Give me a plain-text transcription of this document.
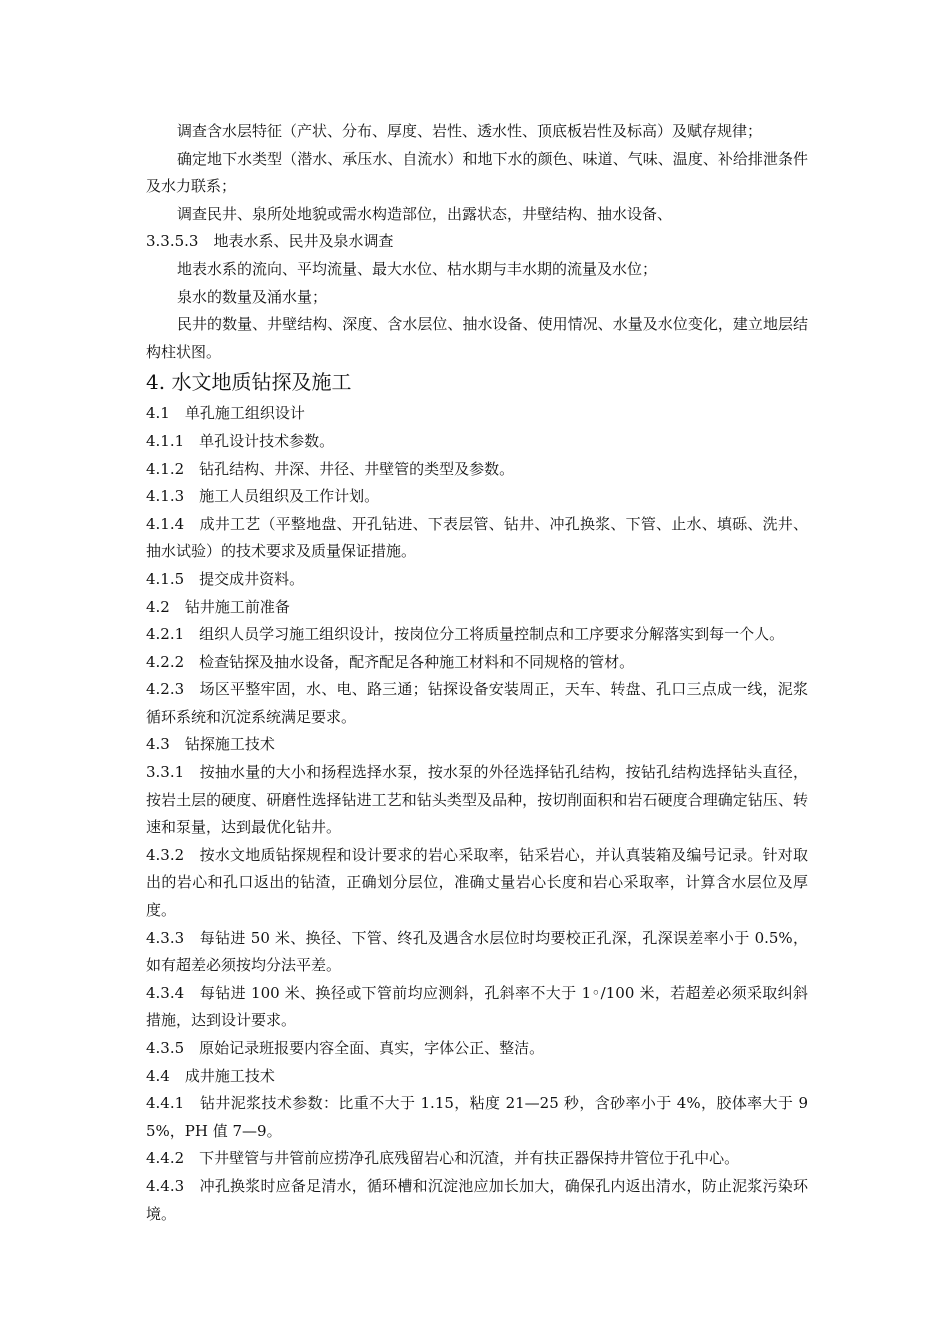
调查含水层特征（产状、分布、厚度、岩性、透水性、顶底板岩性及标高）及赋存规律；

确定地下水类型（潜水、承压水、自流水）和地下水的颜色、味道、气味、温度、补给排泄条件及水力联系；

调查民井、泉所处地貌或需水构造部位，出露状态，井壁结构、抽水设备、

3.3.5.3　地表水系、民井及泉水调查

地表水系的流向、平均流量、最大水位、枯水期与丰水期的流量及水位；

泉水的数量及涌水量；

民井的数量、井壁结构、深度、含水层位、抽水设备、使用情况、水量及水位变化，建立地层结构柱状图。

4. 水文地质钻探及施工

4.1　单孔施工组织设计

4.1.1　单孔设计技术参数。

4.1.2　钻孔结构、井深、井径、井壁管的类型及参数。

4.1.3　施工人员组织及工作计划。

4.1.4　成井工艺（平整地盘、开孔钻进、下表层管、钻井、冲孔换浆、下管、止水、填砾、洗井、抽水试验）的技术要求及质量保证措施。

4.1.5　提交成井资料。

4.2　钻井施工前准备

4.2.1　组织人员学习施工组织设计，按岗位分工将质量控制点和工序要求分解落实到每一个人。

4.2.2　检查钻探及抽水设备，配齐配足各种施工材料和不同规格的管材。

4.2.3　场区平整牢固，水、电、路三通；钻探设备安装周正，天车、转盘、孔口三点成一线，泥浆循环系统和沉淀系统满足要求。

4.3　钻探施工技术

3.3.1　按抽水量的大小和扬程选择水泵，按水泵的外径选择钻孔结构，按钻孔结构选择钻头直径，按岩土层的硬度、研磨性选择钻进工艺和钻头类型及品种，按切削面积和岩石硬度合理确定钻压、转速和泵量，达到最优化钻井。

4.3.2　按水文地质钻探规程和设计要求的岩心采取率，钻采岩心，并认真装箱及编号记录。针对取出的岩心和孔口返出的钻渣，正确划分层位，准确丈量岩心长度和岩心采取率，计算含水层位及厚度。

4.3.3　每钻进 50 米、换径、下管、终孔及遇含水层位时均要校正孔深，孔深误差率小于 0.5%，如有超差必须按均分法平差。

4.3.4　每钻进 100 米、换径或下管前均应测斜，孔斜率不大于 1◦/100 米，若超差必须采取纠斜措施，达到设计要求。

4.3.5　原始记录班报要内容全面、真实，字体公正、整洁。

4.4　成井施工技术

4.4.1　钻井泥浆技术参数：比重不大于 1.15，粘度 21—25 秒，含砂率小于 4%，胶体率大于 95%，PH 值 7—9。

4.4.2　下井壁管与井管前应捞净孔底残留岩心和沉渣，并有扶正器保持井管位于孔中心。

4.4.3　冲孔换浆时应备足清水，循环槽和沉淀池应加长加大，确保孔内返出清水，防止泥浆污染环境。
